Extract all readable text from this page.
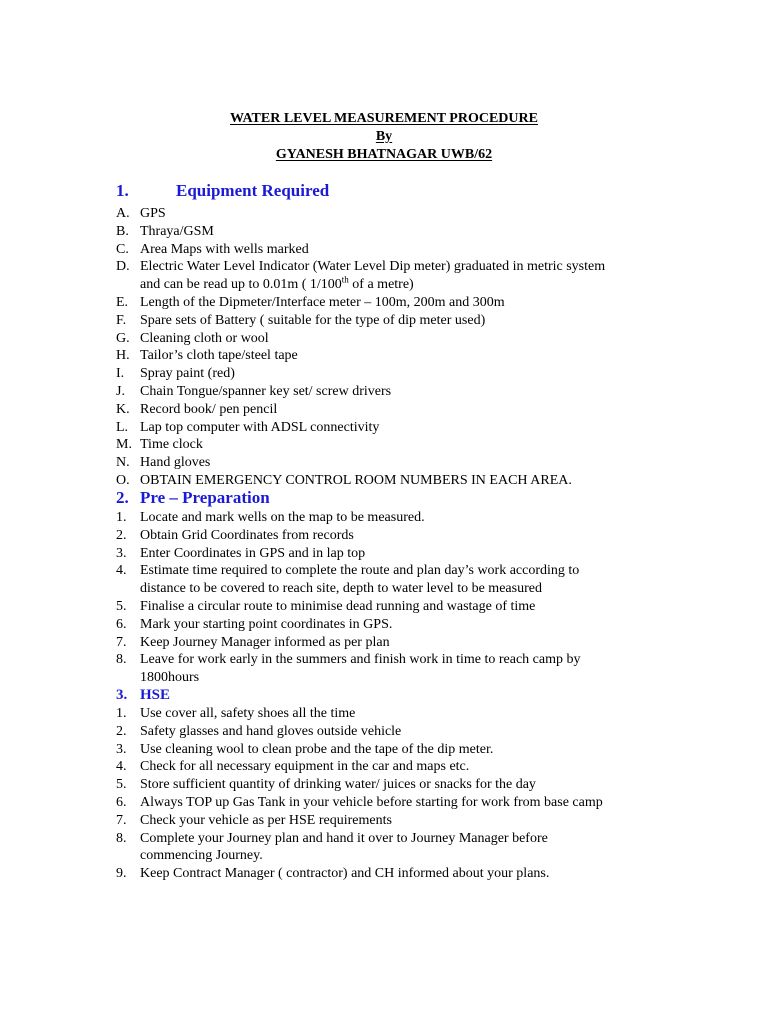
WATER LEVEL MEASUREMENT PROCEDURE
By
GYANESH BHATNAGAR UWB/62
1.	Equipment Required
A. GPS
B. Thraya/GSM
C. Area Maps with wells marked
D. Electric Water Level Indicator (Water Level Dip meter) graduated in metric system
and can be read up to 0.01m ( 1/100th of a metre)
E. Length of the Dipmeter/Interface meter – 100m, 200m and 300m
F. Spare sets of Battery ( suitable for the type of dip meter used)
G. Cleaning cloth or wool
H. Tailor’s cloth tape/steel tape
I. Spray paint (red)
J. Chain Tongue/spanner key set/ screw drivers
K. Record book/ pen pencil
L. Lap top computer with ADSL connectivity
M. Time clock
N. Hand gloves
O. OBTAIN EMERGENCY CONTROL ROOM NUMBERS IN EACH AREA.
2. Pre – Preparation
1. Locate and mark wells on the map to be measured.
2. Obtain Grid Coordinates from records
3. Enter Coordinates in GPS and in lap top
4. Estimate time required to complete the route and plan day’s work according to
distance to be covered to reach site, depth to water level to be measured
5. Finalise a circular route to minimise dead running and wastage of time
6. Mark your starting point coordinates in GPS.
7. Keep Journey Manager informed as per plan
8. Leave for work early in the summers and finish work in time to reach camp by
1800hours
3. HSE
1. Use cover all, safety shoes all the time
2. Safety glasses and hand gloves outside vehicle
3. Use cleaning wool to clean probe and the tape of the dip meter.
4. Check for all necessary equipment in the car and maps etc.
5. Store sufficient quantity of drinking water/ juices or snacks for the day
6. Always TOP up Gas Tank in your vehicle before starting for work from base camp
7. Check your vehicle as per HSE requirements
8. Complete your Journey plan and hand it over to Journey Manager before
commencing Journey.
9. Keep Contract Manager ( contractor) and CH informed about your plans.
